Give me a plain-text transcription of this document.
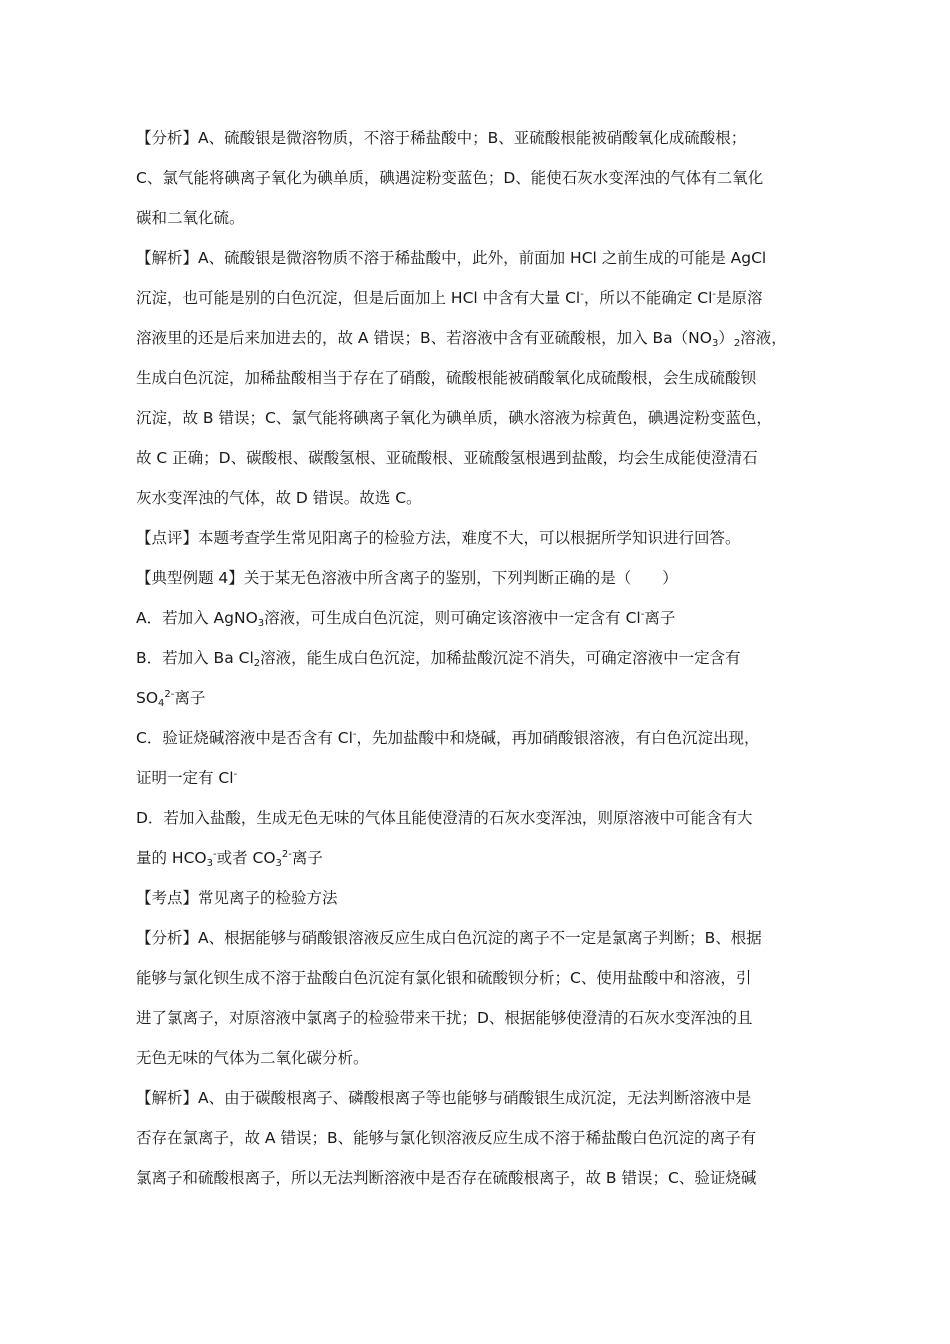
【分析】A、硫酸银是微溶物质，不溶于稀盐酸中；B、亚硫酸根能被硝酸氧化成硫酸根；
C、氯气能将碘离子氧化为碘单质，碘遇淀粉变蓝色；D、能使石灰水变浑浊的气体有二氧化
碳和二氧化硫。
【解析】A、硫酸银是微溶物质不溶于稀盐酸中，此外，前面加 HCl 之前生成的可能是 AgCl
沉淀，也可能是别的白色沉淀，但是后面加上 HCl 中含有大量 Cl-，所以不能确定 Cl-是原溶
溶液里的还是后来加进去的，故 A 错误；B、若溶液中含有亚硫酸根，加入 $Ba(NO_3)_2$溶液，
生成白色沉淀，加稀盐酸相当于存在了硝酸，硫酸根能被硝酸氧化成硫酸根，会生成硫酸钡
沉淀，故 B 错误；C、氯气能将碘离子氧化为碘单质，碘水溶液为棕黄色，碘遇淀粉变蓝色，
故 C 正确；D、碳酸根、碳酸氢根、亚硫酸根、亚硫酸氢根遇到盐酸，均会生成能使澄清石
灰水变浑浊的气体，故 D 错误。故选 C。
【点评】本题考查学生常见阳离子的检验方法，难度不大，可以根据所学知识进行回答。
【典型例题 4】关于某无色溶液中所含离子的鉴别，下列判断正确的是（　　）
A．若加入 AgNO$_3$溶液，可生成白色沉淀，则可确定该溶液中一定含有 Cl-离子
B．若加入 Ba $Cl_2$溶液，能生成白色沉淀，加稀盐酸沉淀不消失，可确定溶液中一定含有
$SO_4^{2-}$离子
C．验证烧碱溶液中是否含有 Cl-，先加盐酸中和烧碱，再加硝酸银溶液，有白色沉淀出现，
证明一定有 Cl-
D．若加入盐酸，生成无色无味的气体且能使澄清的石灰水变浑浊，则原溶液中可能含有大
量的 $HCO_3^-$或者 $CO_3^{2-}$离子
【考点】常见离子的检验方法
【分析】A、根据能够与硝酸银溶液反应生成白色沉淀的离子不一定是氯离子判断；B、根据
能够与氯化钡生成不溶于盐酸白色沉淀有氯化银和硫酸钡分析；C、使用盐酸中和溶液，引
进了氯离子，对原溶液中氯离子的检验带来干扰；D、根据能够使澄清的石灰水变浑浊的且
无色无味的气体为二氧化碳分析。
【解析】A、由于碳酸根离子、磷酸根离子等也能够与硝酸银生成沉淀，无法判断溶液中是
否存在氯离子，故 A 错误；B、能够与氯化钡溶液反应生成不溶于稀盐酸白色沉淀的离子有
氯离子和硫酸根离子，所以无法判断溶液中是否存在硫酸根离子，故 B 错误；C、验证烧碱
